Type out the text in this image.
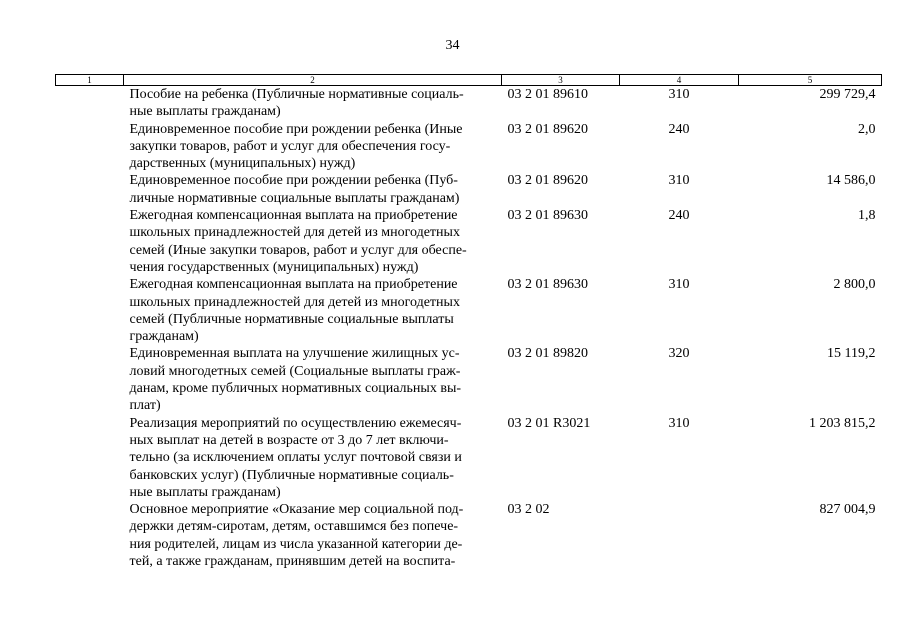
34
1	2	3	4	5

	Пособие на ребенка (Публичные нормативные социаль-
ные выплаты гражданам)	03 2 01 89610	310	299 729,4

	Единовременное пособие при рождении ребенка (Иные
закупки товаров, работ и услуг для обеспечения госу-
дарственных (муниципальных) нужд)	03 2 01 89620	240	2,0

	Единовременное пособие при рождении ребенка (Пуб-
личные нормативные социальные выплаты гражданам)	03 2 01 89620	310	14 586,0

	Ежегодная компенсационная выплата на приобретение
школьных принадлежностей для детей из многодетных
семей (Иные закупки товаров, работ и услуг для обеспе-
чения государственных (муниципальных) нужд)	03 2 01 89630	240	1,8

	Ежегодная компенсационная выплата на приобретение
школьных принадлежностей для детей из многодетных
семей (Публичные нормативные социальные выплаты
гражданам)	03 2 01 89630	310	2 800,0

	Единовременная выплата на улучшение жилищных ус-
ловий многодетных семей (Социальные выплаты граж-
данам, кроме публичных нормативных социальных вы-
плат)	03 2 01 89820	320	15 119,2

	Реализация мероприятий по осуществлению ежемесяч-
ных выплат на детей в возрасте от 3 до 7 лет включи-
тельно (за исключением оплаты услуг почтовой связи и
банковских услуг) (Публичные нормативные социаль-
ные выплаты гражданам)	03 2 01 R3021	310	1 203 815,2

	Основное мероприятие «Оказание мер социальной под-
держки детям-сиротам, детям, оставшимся без попече-
ния родителей, лицам из числа указанной категории де-
тей, а также гражданам, принявшим детей на воспита-	03 2 02		827 004,9
